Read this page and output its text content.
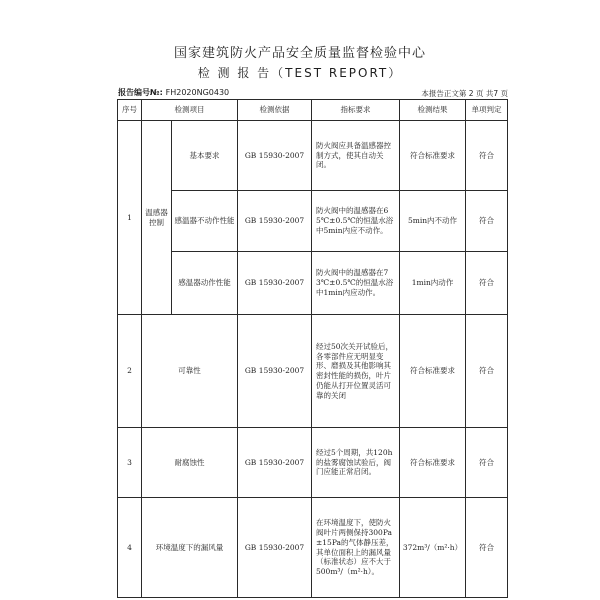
国家建筑防火产品安全质量监督检验中心
检 测 报 告（TEST REPORT）
报告编号№: FH2020NG0430	本报告正文第 2 页 共7 页
序号	检测项目		检测依据	指标要求	检测结果	单项判定
1	温感器控制	基本要求	GB 15930-2007	防火阀应具备温感器控制方式，使其自动关闭。	符合标准要求	符合
		感温器不动作性能	GB 15930-2007	防火阀中的温感器在65℃±0.5℃的恒温水浴中5min内应不动作。	5min内不动作	符合
		感温器动作性能	GB 15930-2007	防火阀中的温感器在73℃±0.5℃的恒温水浴中1min内应动作。	1min内动作	符合
2	可靠性		GB 15930-2007	经过50次关开试验后，各零部件应无明显变形、磨损及其他影响其密封性能的损伤，叶片仍能从打开位置灵活可靠的关闭	符合标准要求	符合
3	耐腐蚀性		GB 15930-2007	经过5个周期，共120h的盐雾腐蚀试验后，阀门应能正常启闭。	符合标准要求	符合
4	环境温度下的漏风量		GB 15930-2007	在环境温度下，使防火阀叶片两侧保持300Pa±15Pa的气体静压差，其单位面积上的漏风量（标准状态）应不大于500m³/（m²·h）。	372m³/（m²·h）	符合
